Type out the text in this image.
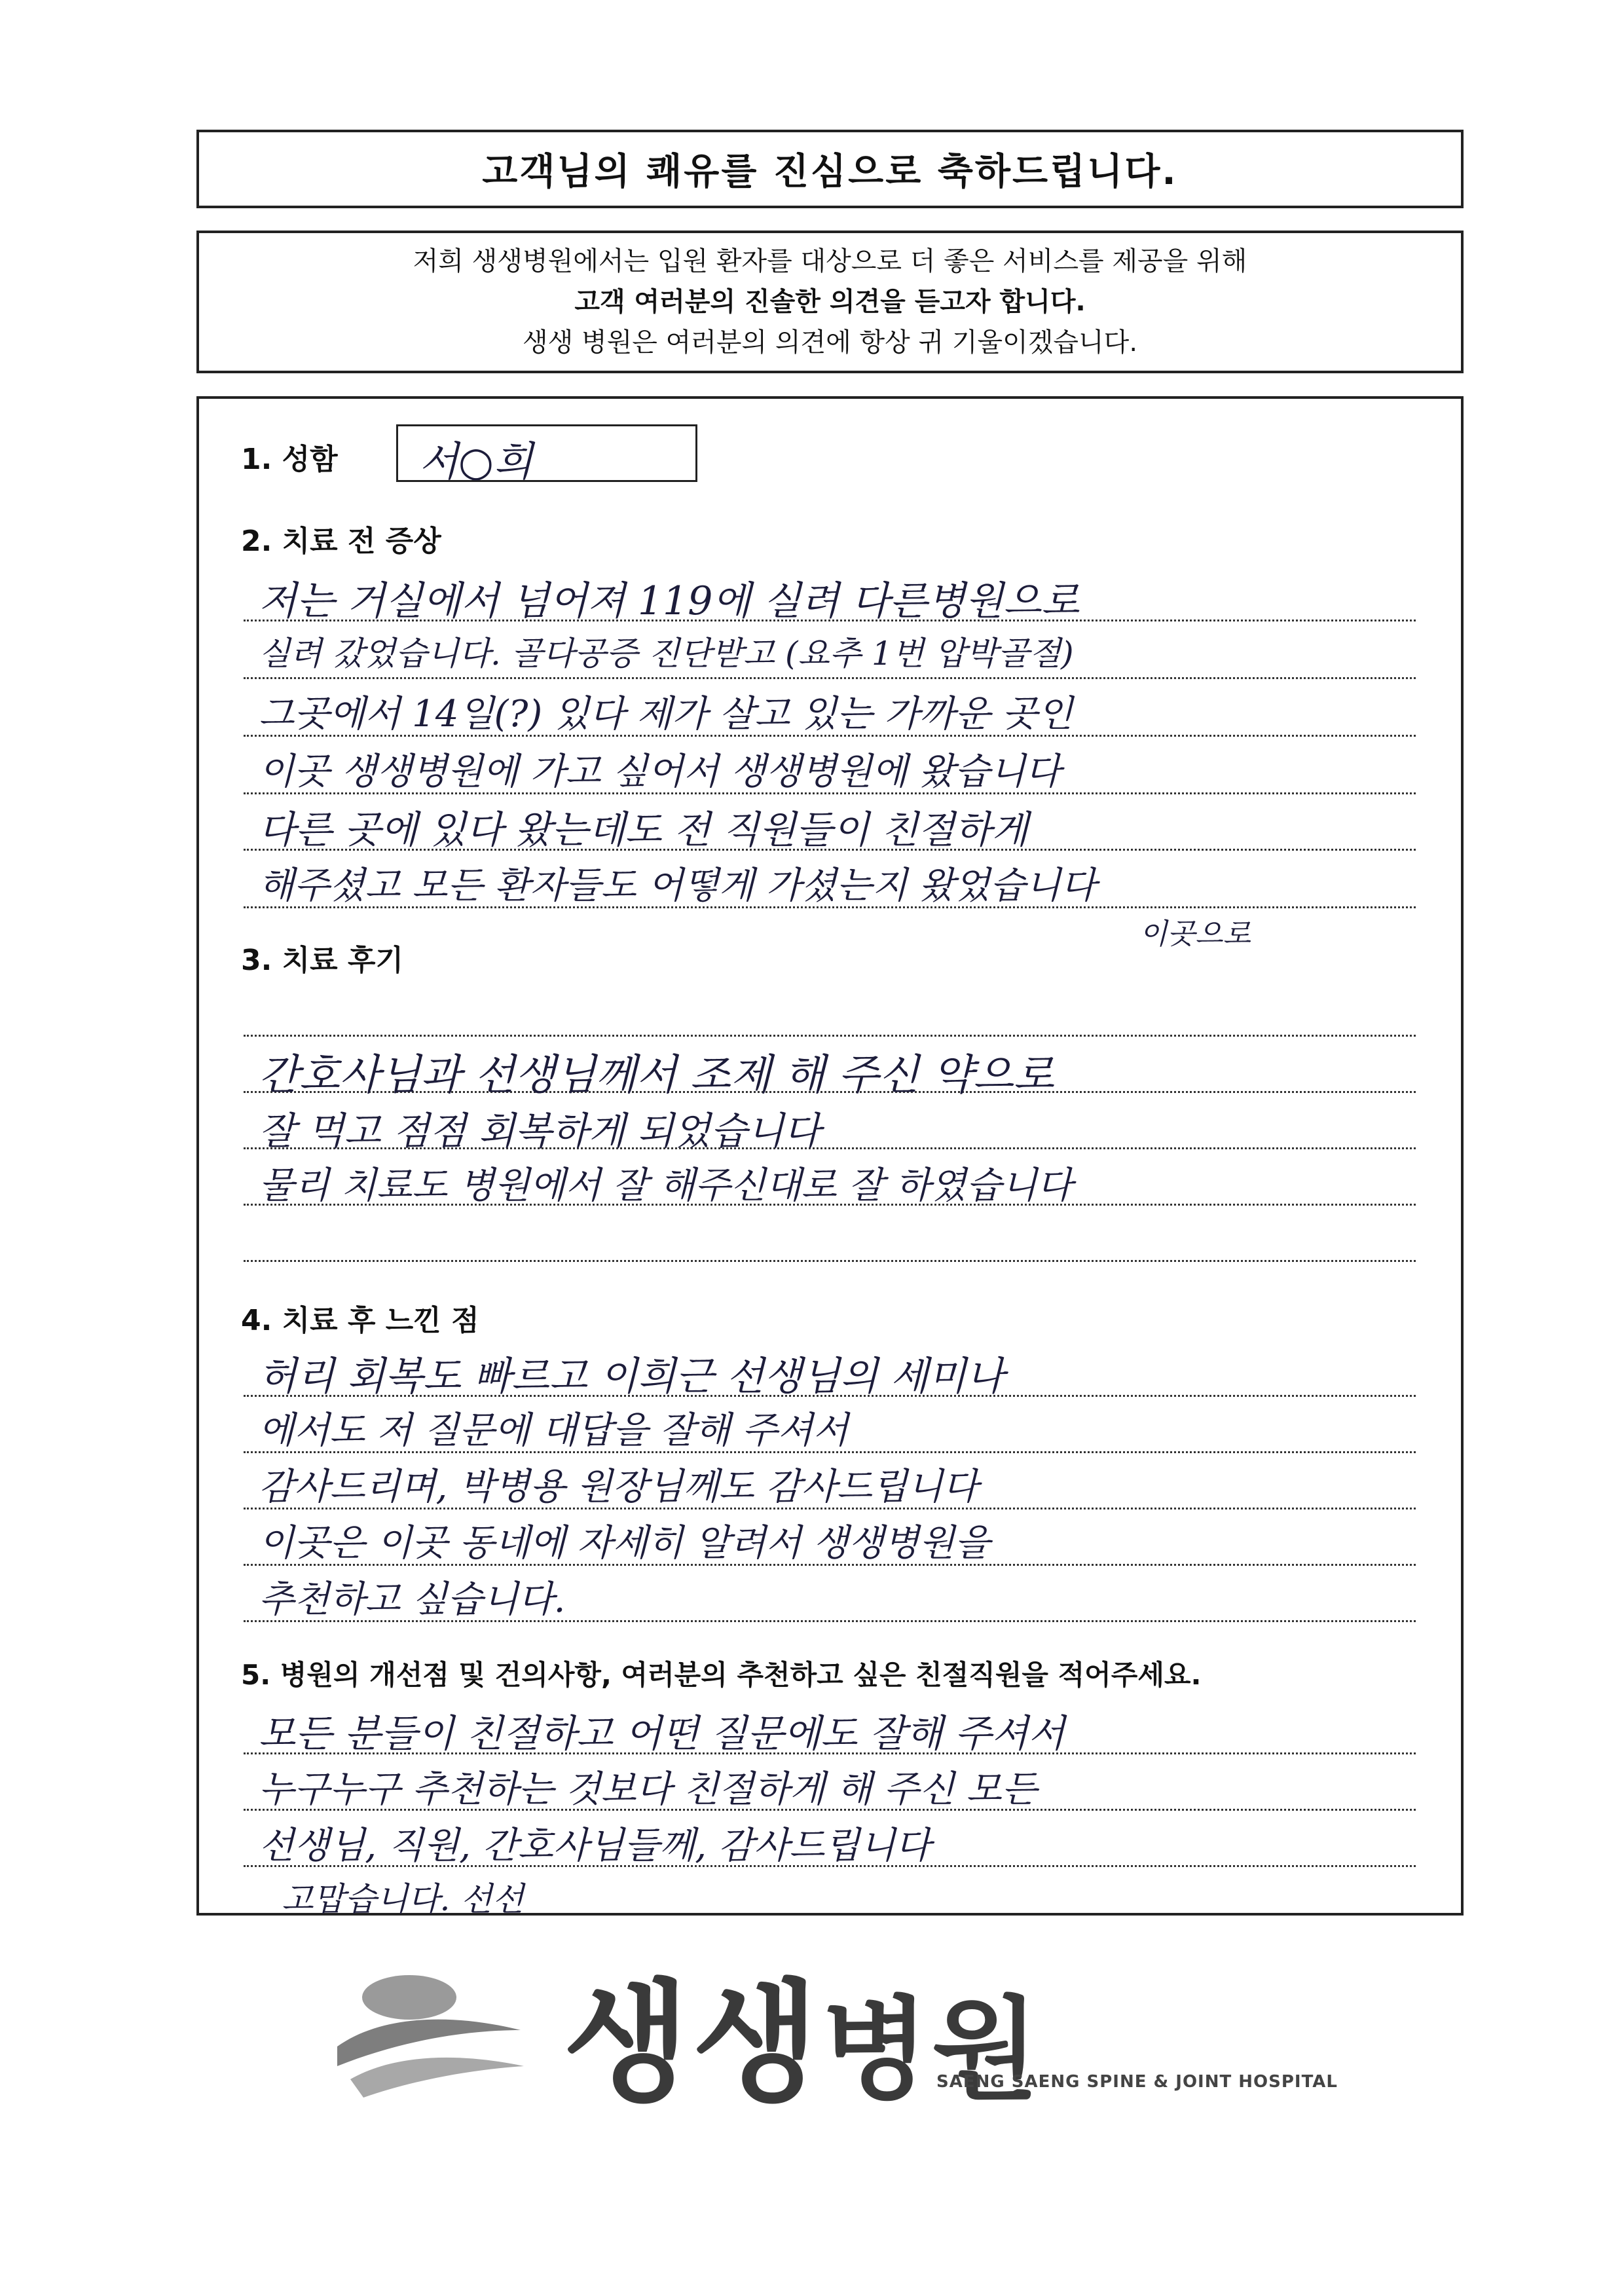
고객님의 쾌유를 진심으로 축하드립니다.
저희 생생병원에서는 입원 환자를 대상으로 더 좋은 서비스를 제공을 위해
고객 여러분의 진솔한 의견을 듣고자 합니다.
생생 병원은 여러분의 의견에 항상 귀 기울이겠습니다.
1. 성함 서○희
2. 치료 전 증상
저는 거실에서 넘어져 119에 실려 다른병원으로
실려 갔었습니다. 골다공증 진단받고 (요추 1번 압박골절)
그곳에서 14일(?) 있다 제가 살고 있는 가까운 곳인
이곳 생생병원에 가고 싶어서 생생병원에 왔습니다
다른 곳에 있다 왔는데도 전 직원들이 친절하게
해주셨고 모든 환자들도 어떻게 가셨는지 왔었습니다
이곳으로
3. 치료 후기
간호사님과 선생님께서 조제 해 주신 약으로
잘 먹고 점점 회복하게 되었습니다
물리 치료도 병원에서 잘 해주신대로 잘 하였습니다
4. 치료 후 느낀 점
허리 회복도 빠르고 이희근 선생님의 세미나
에서도 저 질문에 대답을 잘해 주셔서
감사드리며, 박병용 원장님께도 감사드립니다
이곳은 이곳 동네에 자세히 알려서 생생병원을
추천하고 싶습니다.
5. 병원의 개선점 및 건의사항, 여러분의 추천하고 싶은 친절직원을 적어주세요.
모든 분들이 친절하고 어떤 질문에도 잘해 주셔서
누구누구 추천하는 것보다 친절하게 해 주신 모든
선생님, 직원, 간호사님들께, 감사드립니다
고맙습니다. 선선
생생병원
SAENG SAENG SPINE & JOINT HOSPITAL
